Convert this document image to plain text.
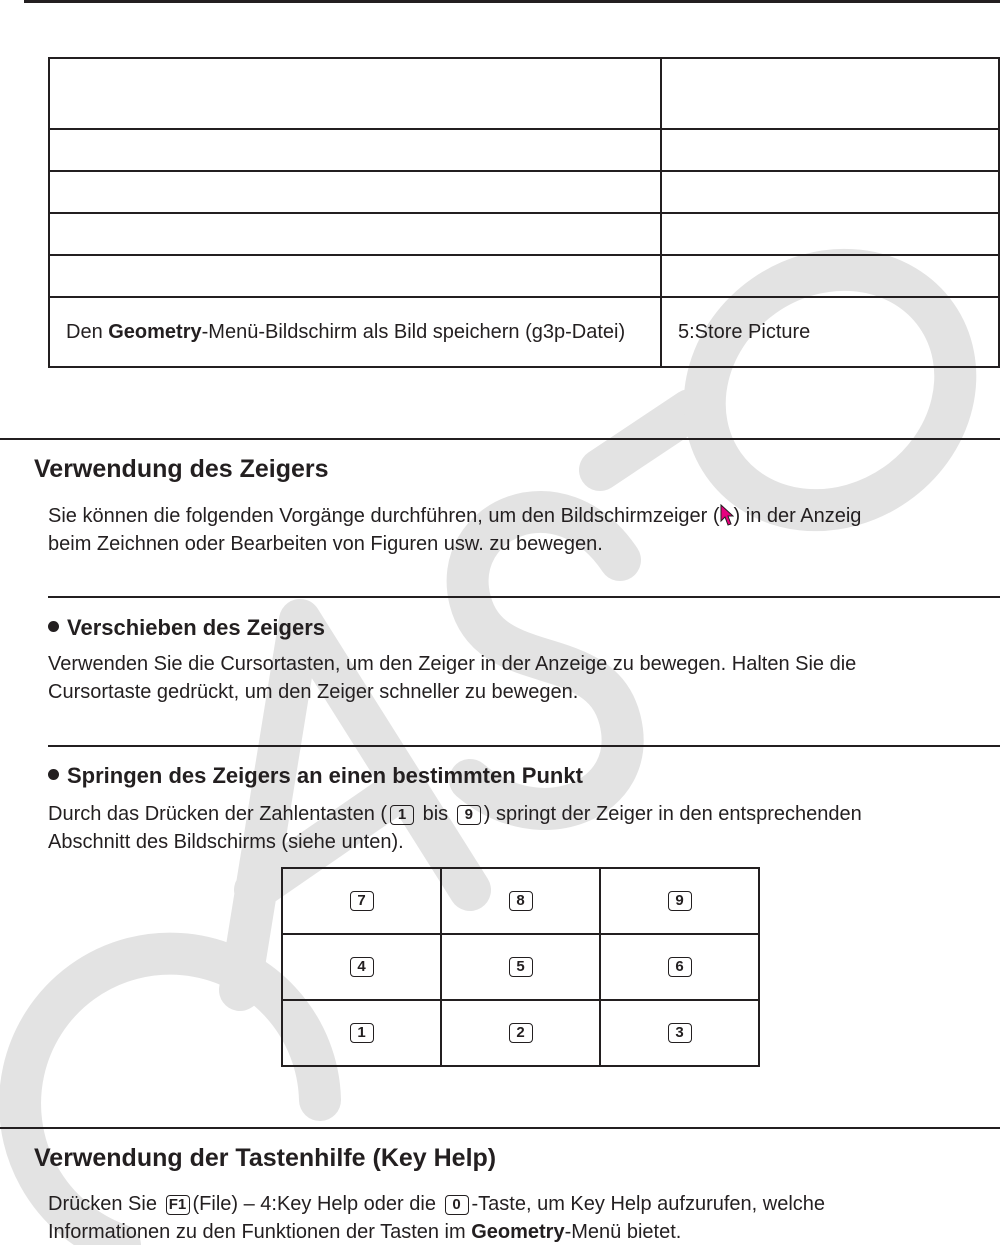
Den Geometry-Menü-Bildschirm als Bild speichern (g3p-Datei)	5:Store Picture
Verwendung des Zeigers

Sie können die folgenden Vorgänge durchführen, um den Bildschirmzeiger ( ) in der Anzeig

beim Zeichnen oder Bearbeiten von Figuren usw. zu bewegen.

Verschieben des Zeigers

Verwenden Sie die Cursortasten, um den Zeiger in der Anzeige zu bewegen. Halten Sie die

Cursortaste gedrückt, um den Zeiger schneller zu bewegen.

Springen des Zeigers an einen bestimmten Punkt

Durch das Drücken der Zahlentasten ( 1 bis 9 ) springt der Zeiger in den entsprechenden

Abschnitt des Bildschirms (siehe unten).

7	8	9
4	5	6
1	2	3
Verwendung der Tastenhilfe (Key Help)

Drücken Sie F1 (File) – 4:Key Help oder die 0 -Taste, um Key Help aufzurufen, welche

Informationen zu den Funktionen der Tasten im Geometry-Menü bietet.
